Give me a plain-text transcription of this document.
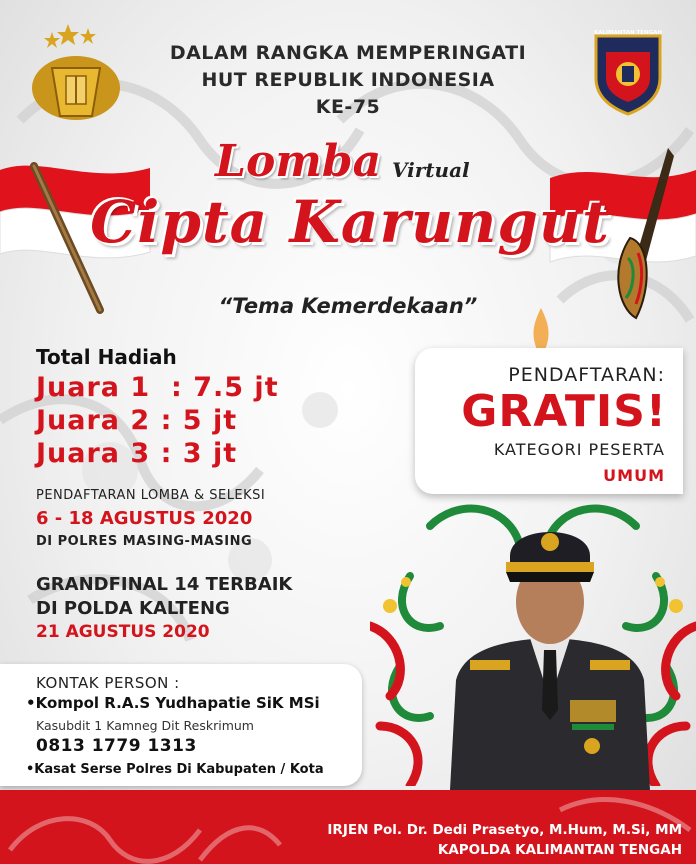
KALIMANTAN TENGAH
DALAM RANGKA MEMPERINGATI
HUT REPUBLIK INDONESIA
KE-75
Lomba Virtual
Cipta Karungut
“Tema Kemerdekaan”
Total Hadiah
Juara 1  : 7.5 jt
Juara 2 : 5 jt
Juara 3 : 3 jt
PENDAFTARAN:
GRATIS!
KATEGORI PESERTA
UMUM
PENDAFTARAN LOMBA & SELEKSI
6 - 18 AGUSTUS 2020
DI POLRES MASING-MASING
GRANDFINAL 14 TERBAIK
DI POLDA KALTENG
21 AGUSTUS 2020
KONTAK PERSON :
•Kompol R.A.S Yudhapatie SiK MSi
Kasubdit 1 Kamneg Dit Reskrimum
0813 1779 1313
•Kasat Serse Polres Di Kabupaten / Kota
IRJEN Pol. Dr. Dedi Prasetyo, M.Hum, M.Si, MM
KAPOLDA KALIMANTAN TENGAH
